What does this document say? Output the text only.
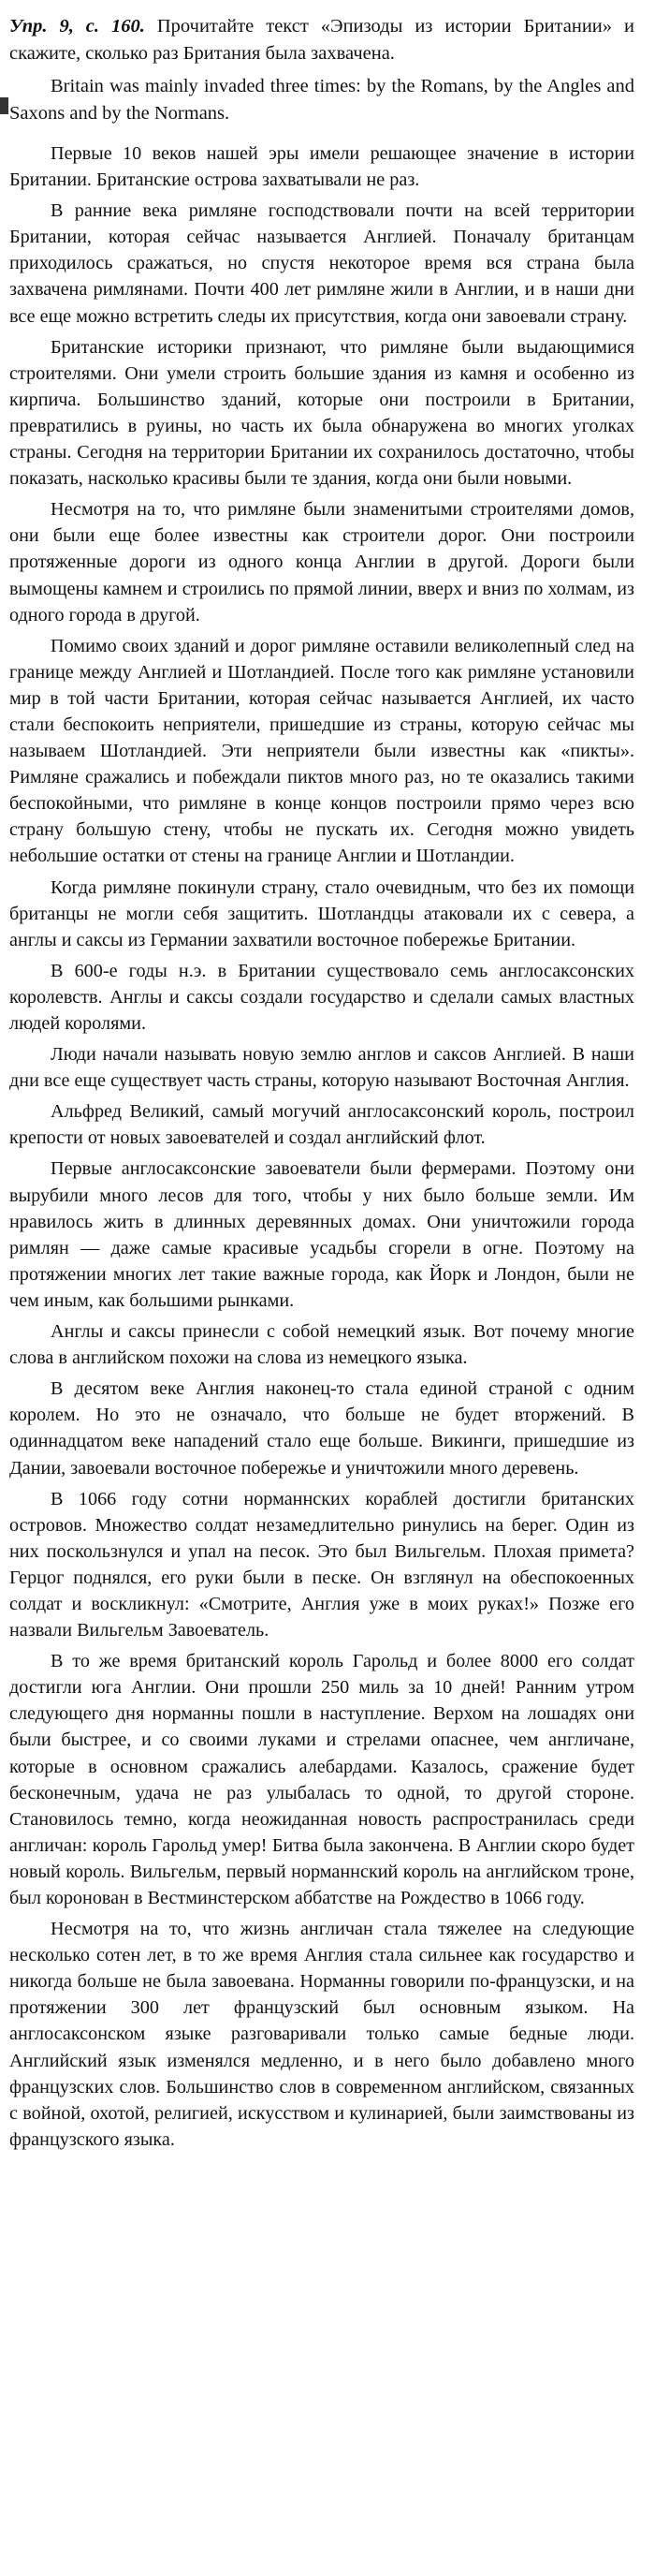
Упр. 9, с. 160. Прочитайте текст «Эпизоды из истории Британии» и скажите, сколько раз Британия была захвачена.

Britain was mainly invaded three times: by the Romans, by the Angles and Saxons and by the Normans.

Первые 10 веков нашей эры имели решающее значение в истории Британии. Британские острова захватывали не раз.

В ранние века римляне господствовали почти на всей территории Британии, которая сейчас называется Англией. Поначалу британцам приходилось сражаться, но спустя некоторое время вся страна была захвачена римлянами. Почти 400 лет римляне жили в Англии, и в наши дни все еще можно встретить следы их присутствия, когда они завоевали страну.

Британские историки признают, что римляне были выдающимися строителями. Они умели строить большие здания из камня и особенно из кирпича. Большинство зданий, которые они построили в Британии, превратились в руины, но часть их была обнаружена во многих уголках страны. Сегодня на территории Британии их сохранилось достаточно, чтобы показать, насколько красивы были те здания, когда они были новыми.

Несмотря на то, что римляне были знаменитыми строителями домов, они были еще более известны как строители дорог. Они построили протяженные дороги из одного конца Англии в другой. Дороги были вымощены камнем и строились по прямой линии, вверх и вниз по холмам, из одного города в другой.

Помимо своих зданий и дорог римляне оставили великолепный след на границе между Англией и Шотландией. После того как римляне установили мир в той части Британии, которая сейчас называется Англией, их часто стали беспокоить неприятели, пришедшие из страны, которую сейчас мы называем Шотландией. Эти неприятели были известны как «пикты». Римляне сражались и побеждали пиктов много раз, но те оказались такими беспокойными, что римляне в конце концов построили прямо через всю страну большую стену, чтобы не пускать их. Сегодня можно увидеть небольшие остатки от стены на границе Англии и Шотландии.

Когда римляне покинули страну, стало очевидным, что без их помощи британцы не могли себя защитить. Шотландцы атаковали их с севера, а англы и саксы из Германии захватили восточное побережье Британии.

В 600-е годы н.э. в Британии существовало семь англосаксонских королевств. Англы и саксы создали государство и сделали самых властных людей королями.

Люди начали называть новую землю англов и саксов Англией. В наши дни все еще существует часть страны, которую называют Восточная Англия.

Альфред Великий, самый могучий англосаксонский король, построил крепости от новых завоевателей и создал английский флот.

Первые англосаксонские завоеватели были фермерами. Поэтому они вырубили много лесов для того, чтобы у них было больше земли. Им нравилось жить в длинных деревянных домах. Они уничтожили города римлян — даже самые красивые усадьбы сгорели в огне. Поэтому на протяжении многих лет такие важные города, как Йорк и Лондон, были не чем иным, как большими рынками.

Англы и саксы принесли с собой немецкий язык. Вот почему многие слова в английском похожи на слова из немецкого языка.

В десятом веке Англия наконец-то стала единой страной с одним королем. Но это не означало, что больше не будет вторжений. В одиннадцатом веке нападений стало еще больше. Викинги, пришедшие из Дании, завоевали восточное побережье и уничтожили много деревень.

В 1066 году сотни норманнских кораблей достигли британских островов. Множество солдат незамедлительно ринулись на берег. Один из них поскользнулся и упал на песок. Это был Вильгельм. Плохая примета? Герцог поднялся, его руки были в песке. Он взглянул на обеспокоенных солдат и воскликнул: «Смотрите, Англия уже в моих руках!» Позже его назвали Вильгельм Завоеватель.

В то же время британский король Гарольд и более 8000 его солдат достигли юга Англии. Они прошли 250 миль за 10 дней! Ранним утром следующего дня норманны пошли в наступление. Верхом на лошадях они были быстрее, и со своими луками и стрелами опаснее, чем англичане, которые в основном сражались алебардами. Казалось, сражение будет бесконечным, удача не раз улыбалась то одной, то другой стороне. Становилось темно, когда неожиданная новость распространилась среди англичан: король Гарольд умер! Битва была закончена. В Англии скоро будет новый король. Вильгельм, первый норманнский король на английском троне, был коронован в Вестминстерском аббатстве на Рождество в 1066 году.

Несмотря на то, что жизнь англичан стала тяжелее на следующие несколько сотен лет, в то же время Англия стала сильнее как государство и никогда больше не была завоевана. Норманны говорили по-французски, и на протяжении 300 лет французский был основным языком. На англосаксонском языке разговаривали только самые бедные люди. Английский язык изменялся медленно, и в него было добавлено много французских слов. Большинство слов в современном английском, связанных с войной, охотой, религией, искусством и кулинарией, были заимствованы из французского языка.
